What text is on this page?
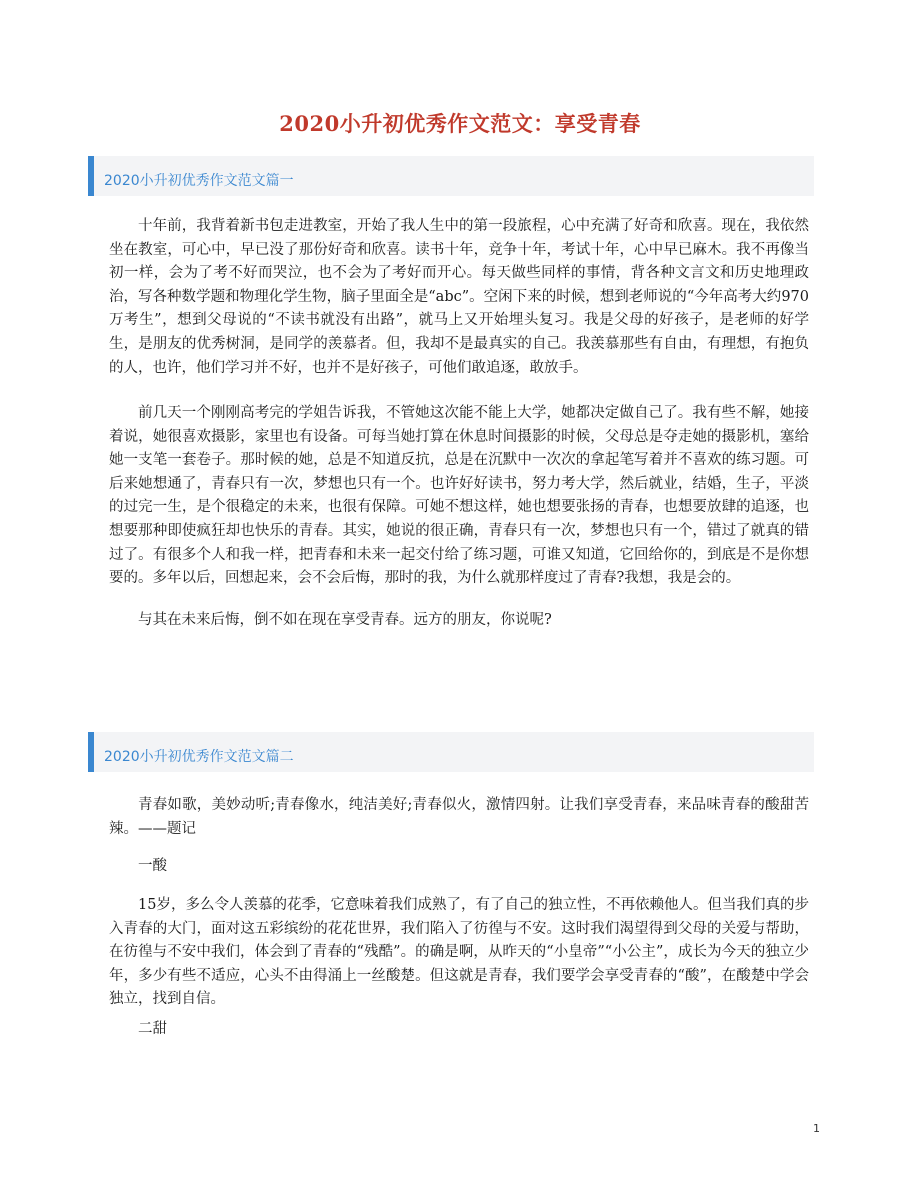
2020小升初优秀作文范文：享受青春
2020小升初优秀作文范文篇一

十年前，我背着新书包走进教室，开始了我人生中的第一段旅程，心中充满了好奇和欣喜。现在，我依然坐在教室，可心中，早已没了那份好奇和欣喜。读书十年，竞争十年，考试十年，心中早已麻木。我不再像当初一样，会为了考不好而哭泣，也不会为了考好而开心。每天做些同样的事情，背各种文言文和历史地理政治，写各种数学题和物理化学生物，脑子里面全是“abc”。空闲下来的时候，想到老师说的“今年高考大约970万考生”，想到父母说的“不读书就没有出路”，就马上又开始埋头复习。我是父母的好孩子，是老师的好学生，是朋友的优秀树洞，是同学的羡慕者。但，我却不是最真实的自己。我羡慕那些有自由，有理想，有抱负的人，也许，他们学习并不好，也并不是好孩子，可他们敢追逐，敢放手。

前几天一个刚刚高考完的学姐告诉我，不管她这次能不能上大学，她都决定做自己了。我有些不解，她接着说，她很喜欢摄影，家里也有设备。可每当她打算在休息时间摄影的时候，父母总是夺走她的摄影机，塞给她一支笔一套卷子。那时候的她，总是不知道反抗，总是在沉默中一次次的拿起笔写着并不喜欢的练习题。可后来她想通了，青春只有一次，梦想也只有一个。也许好好读书，努力考大学，然后就业，结婚，生子，平淡的过完一生，是个很稳定的未来，也很有保障。可她不想这样，她也想要张扬的青春，也想要放肆的追逐，也想要那种即使疯狂却也快乐的青春。其实，她说的很正确，青春只有一次，梦想也只有一个，错过了就真的错过了。有很多个人和我一样，把青春和未来一起交付给了练习题，可谁又知道，它回给你的，到底是不是你想要的。多年以后，回想起来，会不会后悔，那时的我，为什么就那样度过了青春?我想，我是会的。

与其在未来后悔，倒不如在现在享受青春。远方的朋友，你说呢?

2020小升初优秀作文范文篇二

青春如歌，美妙动听;青春像水，纯洁美好;青春似火，激情四射。让我们享受青春，来品味青春的酸甜苦辣。——题记

一酸

15岁，多么令人羡慕的花季，它意味着我们成熟了，有了自己的独立性，不再依赖他人。但当我们真的步入青春的大门，面对这五彩缤纷的花花世界，我们陷入了彷徨与不安。这时我们渴望得到父母的关爱与帮助，在彷徨与不安中我们，体会到了青春的“残酷”。的确是啊，从昨天的“小皇帝”“小公主”，成长为今天的独立少年，多少有些不适应，心头不由得涌上一丝酸楚。但这就是青春，我们要学会享受青春的“酸”，在酸楚中学会独立，找到自信。

二甜

1
